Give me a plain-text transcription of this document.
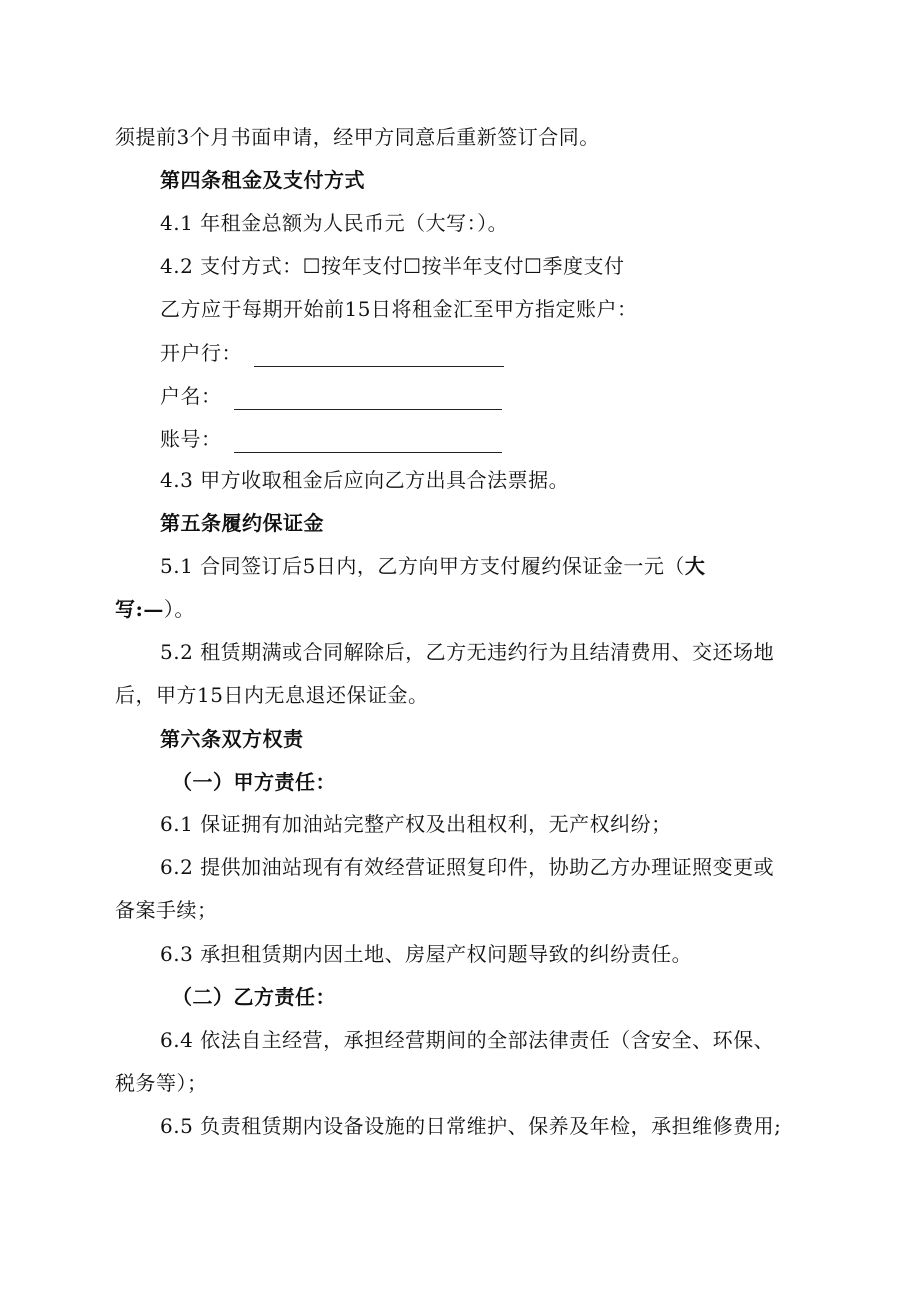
须提前3个月书面申请，经甲方同意后重新签订合同。
第四条租金及支付方式
4.1 年租金总额为人民币元（大写：）。
4.2 支付方式：☐按年支付☐按半年支付☐季度支付
乙方应于每期开始前15日将租金汇至甲方指定账户：
开户行：
户名：
账号：
4.3 甲方收取租金后应向乙方出具合法票据。
第五条履约保证金
5.1 合同签订后5日内，乙方向甲方支付履约保证金一元（大
写:—）。
5.2 租赁期满或合同解除后，乙方无违约行为且结清费用、交还场地
后，甲方15日内无息退还保证金。
第六条双方权责
（一）甲方责任：
6.1 保证拥有加油站完整产权及出租权利，无产权纠纷；
6.2 提供加油站现有有效经营证照复印件，协助乙方办理证照变更或
备案手续；
6.3 承担租赁期内因土地、房屋产权问题导致的纠纷责任。
（二）乙方责任：
6.4 依法自主经营，承担经营期间的全部法律责任（含安全、环保、
税务等）；
6.5 负责租赁期内设备设施的日常维护、保养及年检，承担维修费用;
